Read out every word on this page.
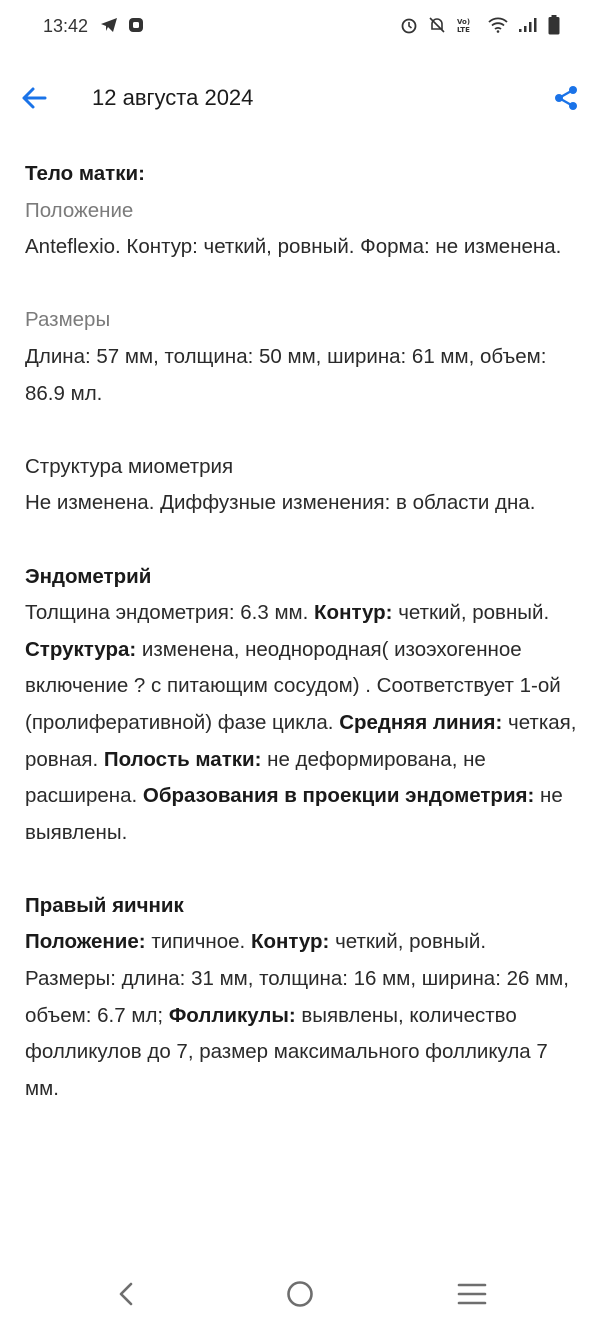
13:42	Vo)
LTE
12 августа 2024

Тело матки:

Положение

Anteflexio. Контур: четкий, ровный. Форма: не изменена.

Размеры

Длина: 57 мм, толщина: 50 мм, ширина: 61 мм, объем: 86.9 мл.

Структура миометрия

Не изменена. Диффузные изменения: в области дна.

Эндометрий

Толщина эндометрия: 6.3 мм. Контур: четкий, ровный. Структура: изменена, неоднородная( изоэхогенное включение ? с питающим сосудом) . Соответствует 1-ой (пролиферативной) фазе цикла. Средняя линия: четкая, ровная. Полость матки: не деформирована, не расширена. Образования в проекции эндометрия: не выявлены.

Правый яичник

Положение: типичное. Контур: четкий, ровный. Размеры: длина: 31 мм, толщина: 16 мм, ширина: 26 мм, объем: 6.7 мл; Фолликулы: выявлены, количество фолликулов до 7, размер максимального фолликула 7 мм.
